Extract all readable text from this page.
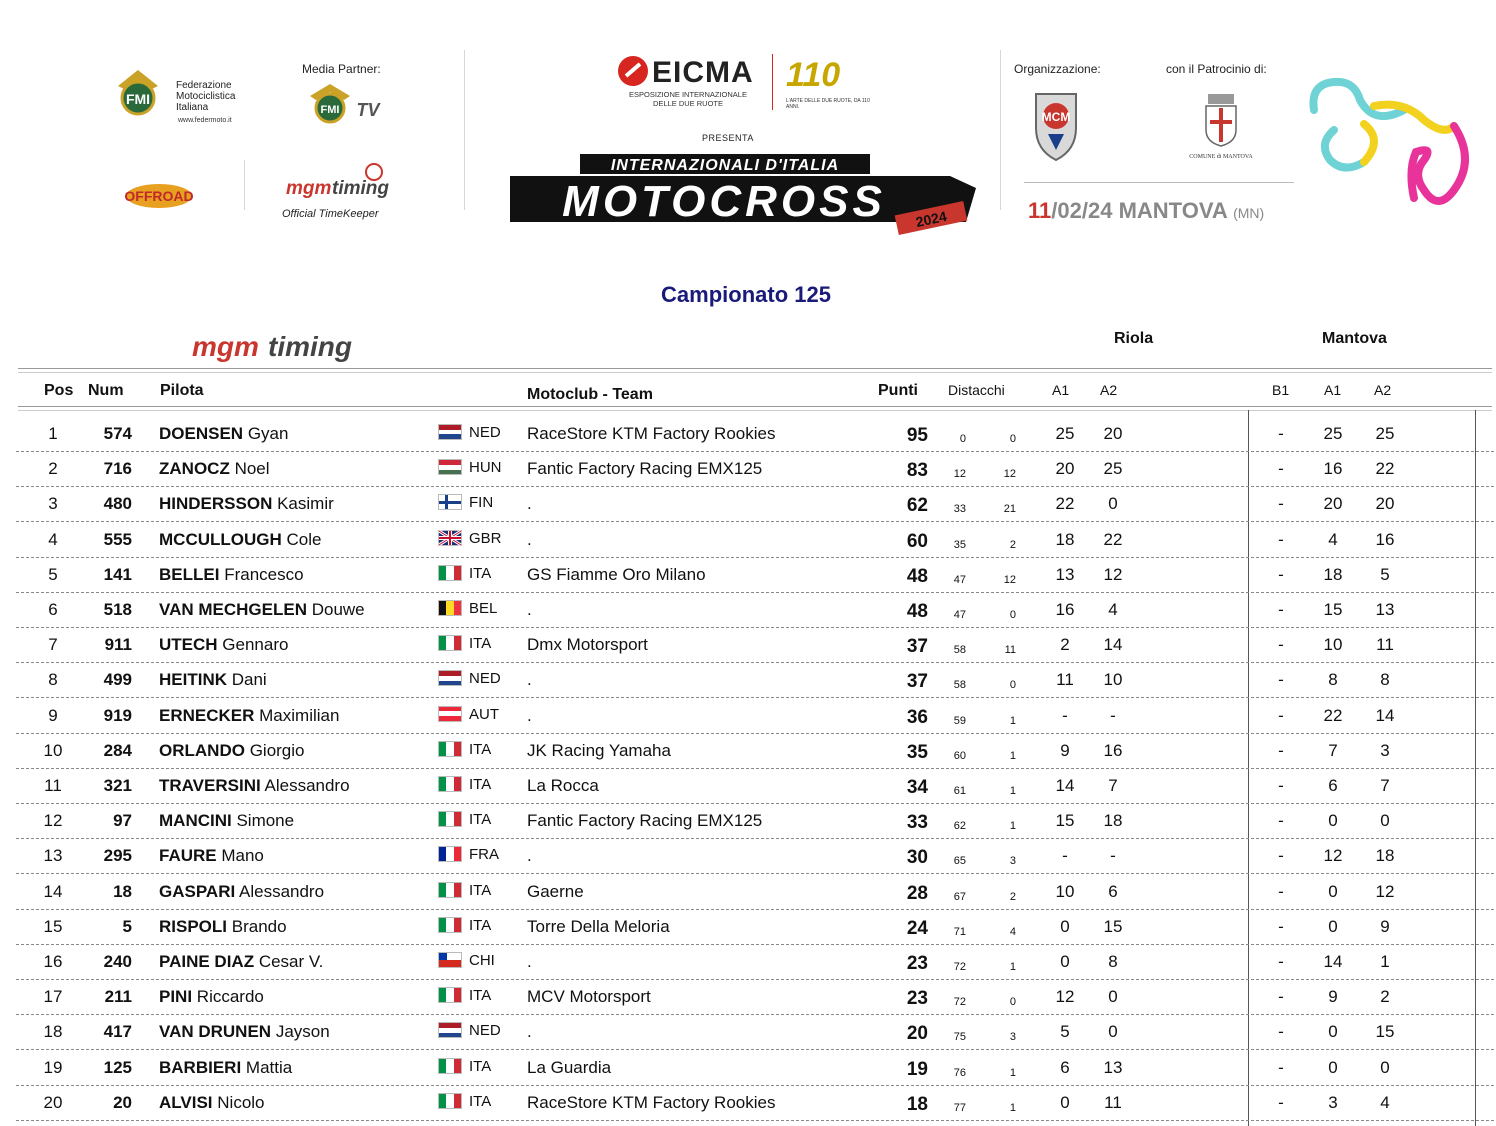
FMI
Federazione
Motociclistica
Italiana
www.federmoto.it
Media Partner:
FMI TV
OFFROAD	mgm timing
Official TimeKeeper
EICMA
ESPOSIZIONE INTERNAZIONALE DELLE DUE RUOTE
110
L'ARTE DELLE DUE RUOTE, DA 110 ANNI.
PRESENTA
INTERNAZIONALI D'ITALIA
MOTOCROSS 2024
Organizzazione:	con il Patrocinio di:
MCM
COMUNE di MANTOVA
11/02/24 MANTOVA (MN)
Campionato 125
mgm timing	Riola	Mantova
Pos Num Pilota	Motoclub - Team	Punti Distacchi	A1 A2	B1 A1 A2
1	574 DOENSEN Gyan	NED RaceStore KTM Factory Rookies	95	0	0	25	20	-	25	25
2	716 ZANOCZ Noel	HUN Fantic Factory Racing EMX125	83	12	12	20	25	-	16	22
3	480 HINDERSSON Kasimir	FIN .	62	33	21	22	0	-	20	20
4	555 MCCULLOUGH Cole	GBR .	60	35	2	18	22	-	4	16
5	141 BELLEI Francesco	ITA GS Fiamme Oro Milano	48	47	12	13	12	-	18	5
6	518 VAN MECHGELEN Douwe	BEL .	48	47	0	16	4	-	15	13
7	911 UTECH Gennaro	ITA Dmx Motorsport	37	58	11	2	14	-	10	11
8	499 HEITINK Dani	NED .	37	58	0	11	10	-	8	8
9	919 ERNECKER Maximilian	AUT .	36	59	1	-	-	-	22	14
10	284 ORLANDO Giorgio	ITA JK Racing Yamaha	35	60	1	9	16	-	7	3
11	321 TRAVERSINI Alessandro	ITA La Rocca	34	61	1	14	7	-	6	7
12	97 MANCINI Simone	ITA Fantic Factory Racing EMX125	33	62	1	15	18	-	0	0
13	295 FAURE Mano	FRA .	30	65	3	-	-	-	12	18
14	18 GASPARI Alessandro	ITA Gaerne	28	67	2	10	6	-	0	12
15	5 RISPOLI Brando	ITA Torre Della Meloria	24	71	4	0	15	-	0	9
16	240 PAINE DIAZ Cesar V.	CHI .	23	72	1	0	8	-	14	1
17	211 PINI Riccardo	ITA MCV Motorsport	23	72	0	12	0	-	9	2
18	417 VAN DRUNEN Jayson	NED .	20	75	3	5	0	-	0	15
19	125 BARBIERI Mattia	ITA La Guardia	19	76	1	6	13	-	0	0
20	20 ALVISI Nicolo	ITA RaceStore KTM Factory Rookies	18	77	1	0	11	-	3	4
